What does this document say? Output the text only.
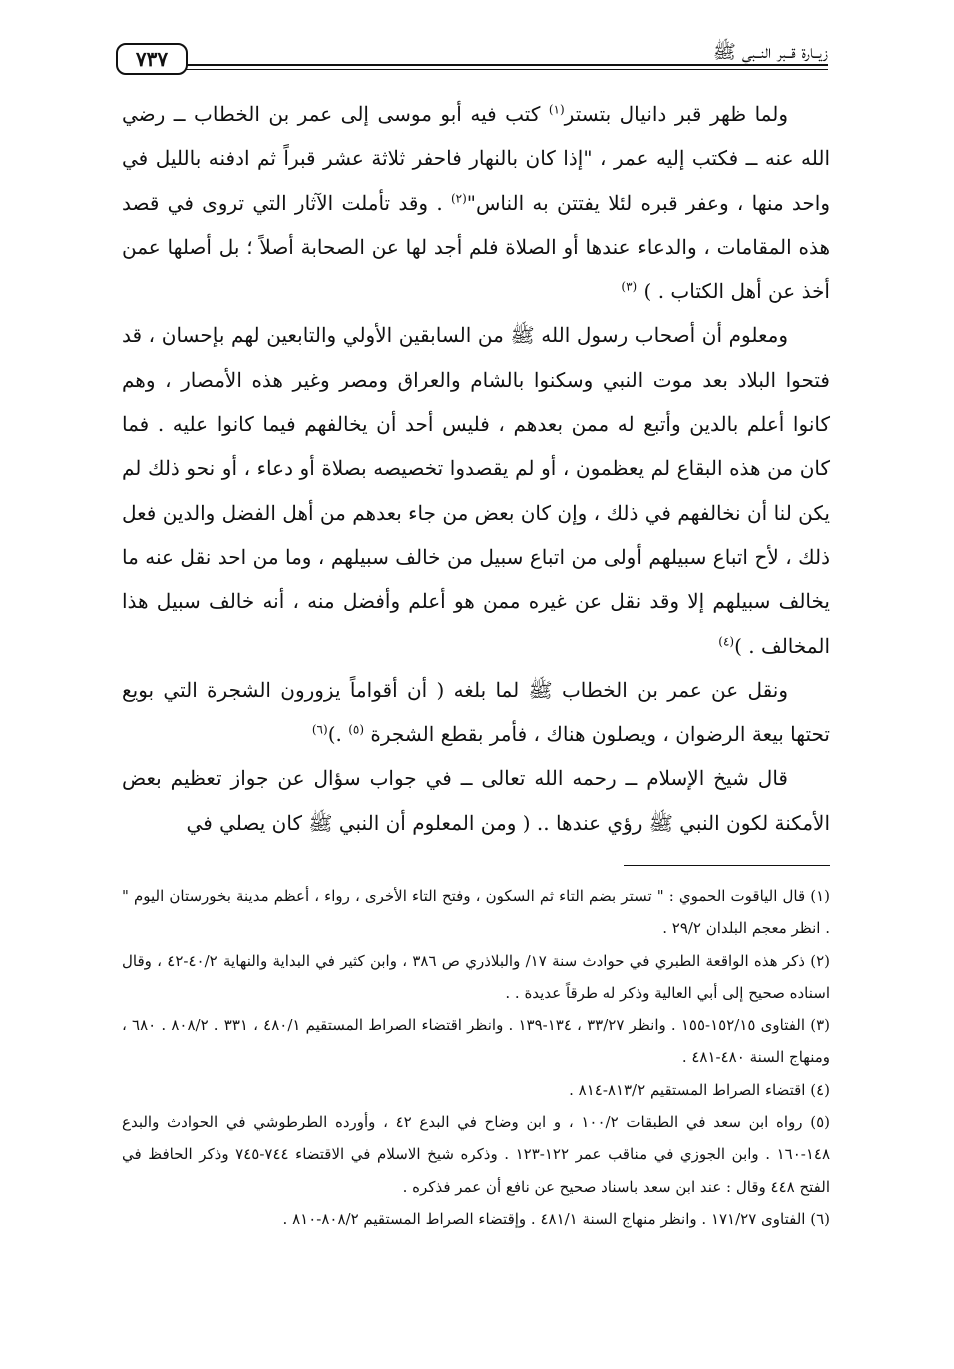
زيــارة قــبر النــبي ﷺ
٧٣٧

ولما ظهر قبر دانيال بتستر$^{(١)}$ كتب فيه أبو موسى إلى عمر بن الخطاب ــ رضي الله عنه ــ فكتب إليه عمر ، "إذا كان بالنهار فاحفر ثلاثة عشر قبراً ثم ادفنه بالليل في واحد منها ، وعفر قبره لئلا يفتتن به الناس"$^{(٢)}$ . وقد تأملت الآثار التي تروى في قصد هذه المقامات ، والدعاء عندها أو الصلاة فلم أجد لها عن الصحابة أصلاً ؛ بل أصلها عمن أخذ عن أهل الكتاب . ) $^{(٣)}$

ومعلوم أن أصحاب رسول الله ﷺ من السابقين الأولي والتابعين لهم بإحسان ، قد فتحوا البلاد بعد موت النبي وسكنوا بالشام والعراق ومصر وغير هذه الأمصار ، وهم كانوا أعلم بالدين وأتبع له ممن بعدهم ، فليس أحد أن يخالفهم فيما كانوا عليه . فما كان من هذه البقاع لم يعظمون ، أو لم يقصدوا تخصيصه بصلاة أو دعاء ، أو نحو ذلك لم يكن لنا أن نخالفهم في ذلك ، وإن كان بعض من جاء بعدهم من أهل الفضل والدين فعل ذلك ، لأح اتباع سبيلهم أولى من اتباع سبيل من خالف سبيلهم ، وما من احد نقل عنه ما يخالف سبيلهم إلا وقد نقل عن غيره ممن هو أعلم وأفضل منه ، أنه خالف سبيل هذا المخالف . )$^{(٤)}$

ونقل عن عمر بن الخطاب ﷺ لما بلغه ( أن أقواماً يزورون الشجرة التي بويع تحتها بيعة الرضوان ، ويصلون هناك ، فأمر بقطع الشجرة $^{(٥)}$ .)$^{(٦)}$

قال شيخ الإسلام ــ رحمه الله تعالى ــ في جواب سؤال عن جواز تعظيم بعض الأمكنة لكون النبي ﷺ رؤي عندها .. ( ومن المعلوم أن النبي ﷺ كان يصلي في

(١) قال الياقوت الحموي : " تستر بضم التاء ثم السكون ، وفتح التاء الأخرى ، رواء ، أعظم مدينة بخورستان اليوم " . انظر معجم البلدان ٢٩/٢ .

(٢) ذكر هذه الواقعة الطبري في حوادث سنة ١٧/ والبلاذري ص ٣٨٦ ، وابن كثير في البداية والنهاية ٤٠/٢-٤٢ ، وقال اسناده صحيح إلى أبي العالية وذكر له طرقاً عديدة . .

(٣) الفتاوى ١٥٢/١٥-١٥٥ . وانظر ٣٣/٢٧ ، ١٣٤-١٣٩ . وانظر اقتضاء الصراط المستقيم ٤٨٠/١ ، ٣٣١ . ٨٠٨/٢ . ٦٨٠ ، ومنهاج السنة ٤٨٠-٤٨١ .

(٤) اقتضاء الصراط المستقيم ٨١٣/٢-٨١٤ .

(٥) رواه ابن سعد في الطبقات ١٠٠/٢ ، و ابن وضاح في البدع ٤٢ ، وأورده الطرطوشي في الحوادث والبدع ١٤٨-١٦٠ . وابن الجوزي في مناقب عمر ١٢٢-١٢٣ . وذكره شيخ الاسلام في الاقتضاء ٧٤٤-٧٤٥ وذكر الحافظ في الفتح ٤٤٨ وقال : عند ابن سعد باسناد صحيح عن نافع أن عمر فذكره .

(٦) الفتاوى ١٧١/٢٧ . وانظر منهاج السنة ٤٨١/١ . وإقتضاء الصراط المستقيم ٨٠٨/٢-٨١٠ .
